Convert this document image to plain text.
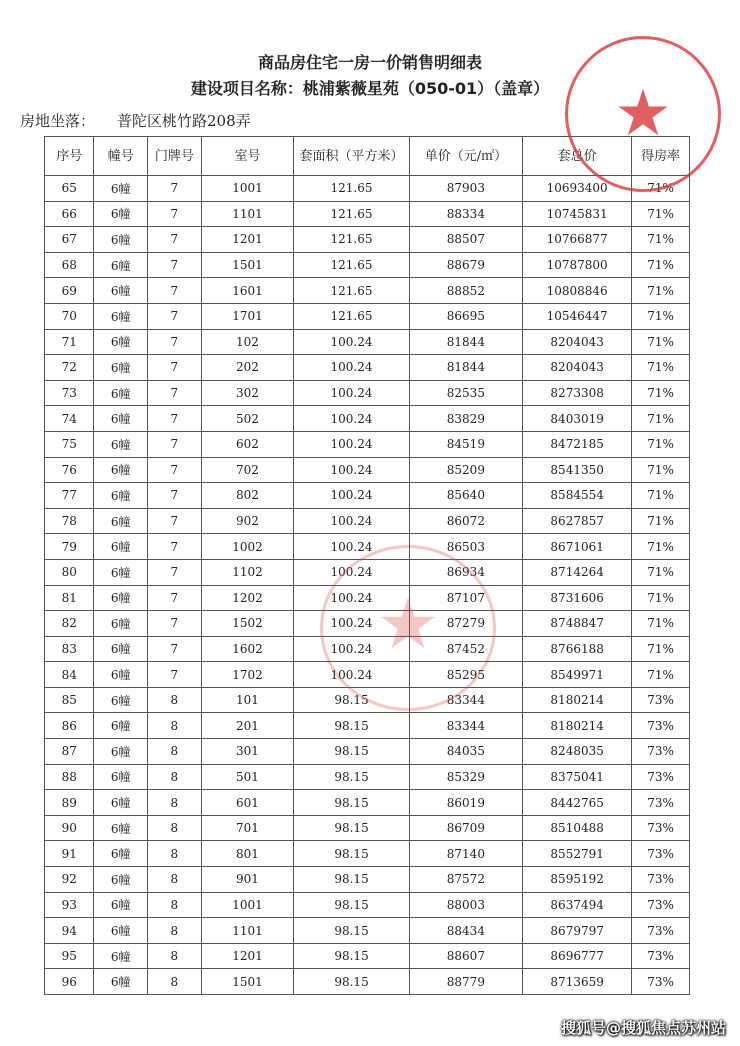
商品房住宅一房一价销售明细表
建设项目名称：桃浦紫薇星苑（050-01）（盖章）
房地坐落： 普陀区桃竹路208弄
序号	幢号	门牌号	室号	套面积（平方米）	单价（元/㎡）	套总价	得房率
65	6幢	7	1001	121.65	87903	10693400	71%
66	6幢	7	1101	121.65	88334	10745831	71%
67	6幢	7	1201	121.65	88507	10766877	71%
68	6幢	7	1501	121.65	88679	10787800	71%
69	6幢	7	1601	121.65	88852	10808846	71%
70	6幢	7	1701	121.65	86695	10546447	71%
71	6幢	7	102	100.24	81844	8204043	71%
72	6幢	7	202	100.24	81844	8204043	71%
73	6幢	7	302	100.24	82535	8273308	71%
74	6幢	7	502	100.24	83829	8403019	71%
75	6幢	7	602	100.24	84519	8472185	71%
76	6幢	7	702	100.24	85209	8541350	71%
77	6幢	7	802	100.24	85640	8584554	71%
78	6幢	7	902	100.24	86072	8627857	71%
79	6幢	7	1002	100.24	86503	8671061	71%
80	6幢	7	1102	100.24	86934	8714264	71%
81	6幢	7	1202	100.24	87107	8731606	71%
82	6幢	7	1502	100.24	87279	8748847	71%
83	6幢	7	1602	100.24	87452	8766188	71%
84	6幢	7	1702	100.24	85295	8549971	71%
85	6幢	8	101	98.15	83344	8180214	73%
86	6幢	8	201	98.15	83344	8180214	73%
87	6幢	8	301	98.15	84035	8248035	73%
88	6幢	8	501	98.15	85329	8375041	73%
89	6幢	8	601	98.15	86019	8442765	73%
90	6幢	8	701	98.15	86709	8510488	73%
91	6幢	8	801	98.15	87140	8552791	73%
92	6幢	8	901	98.15	87572	8595192	73%
93	6幢	8	1001	98.15	88003	8637494	73%
94	6幢	8	1101	98.15	88434	8679797	73%
95	6幢	8	1201	98.15	88607	8696777	73%
96	6幢	8	1501	98.15	88779	8713659	73%
★
★
搜狐号@搜狐焦点苏州站
